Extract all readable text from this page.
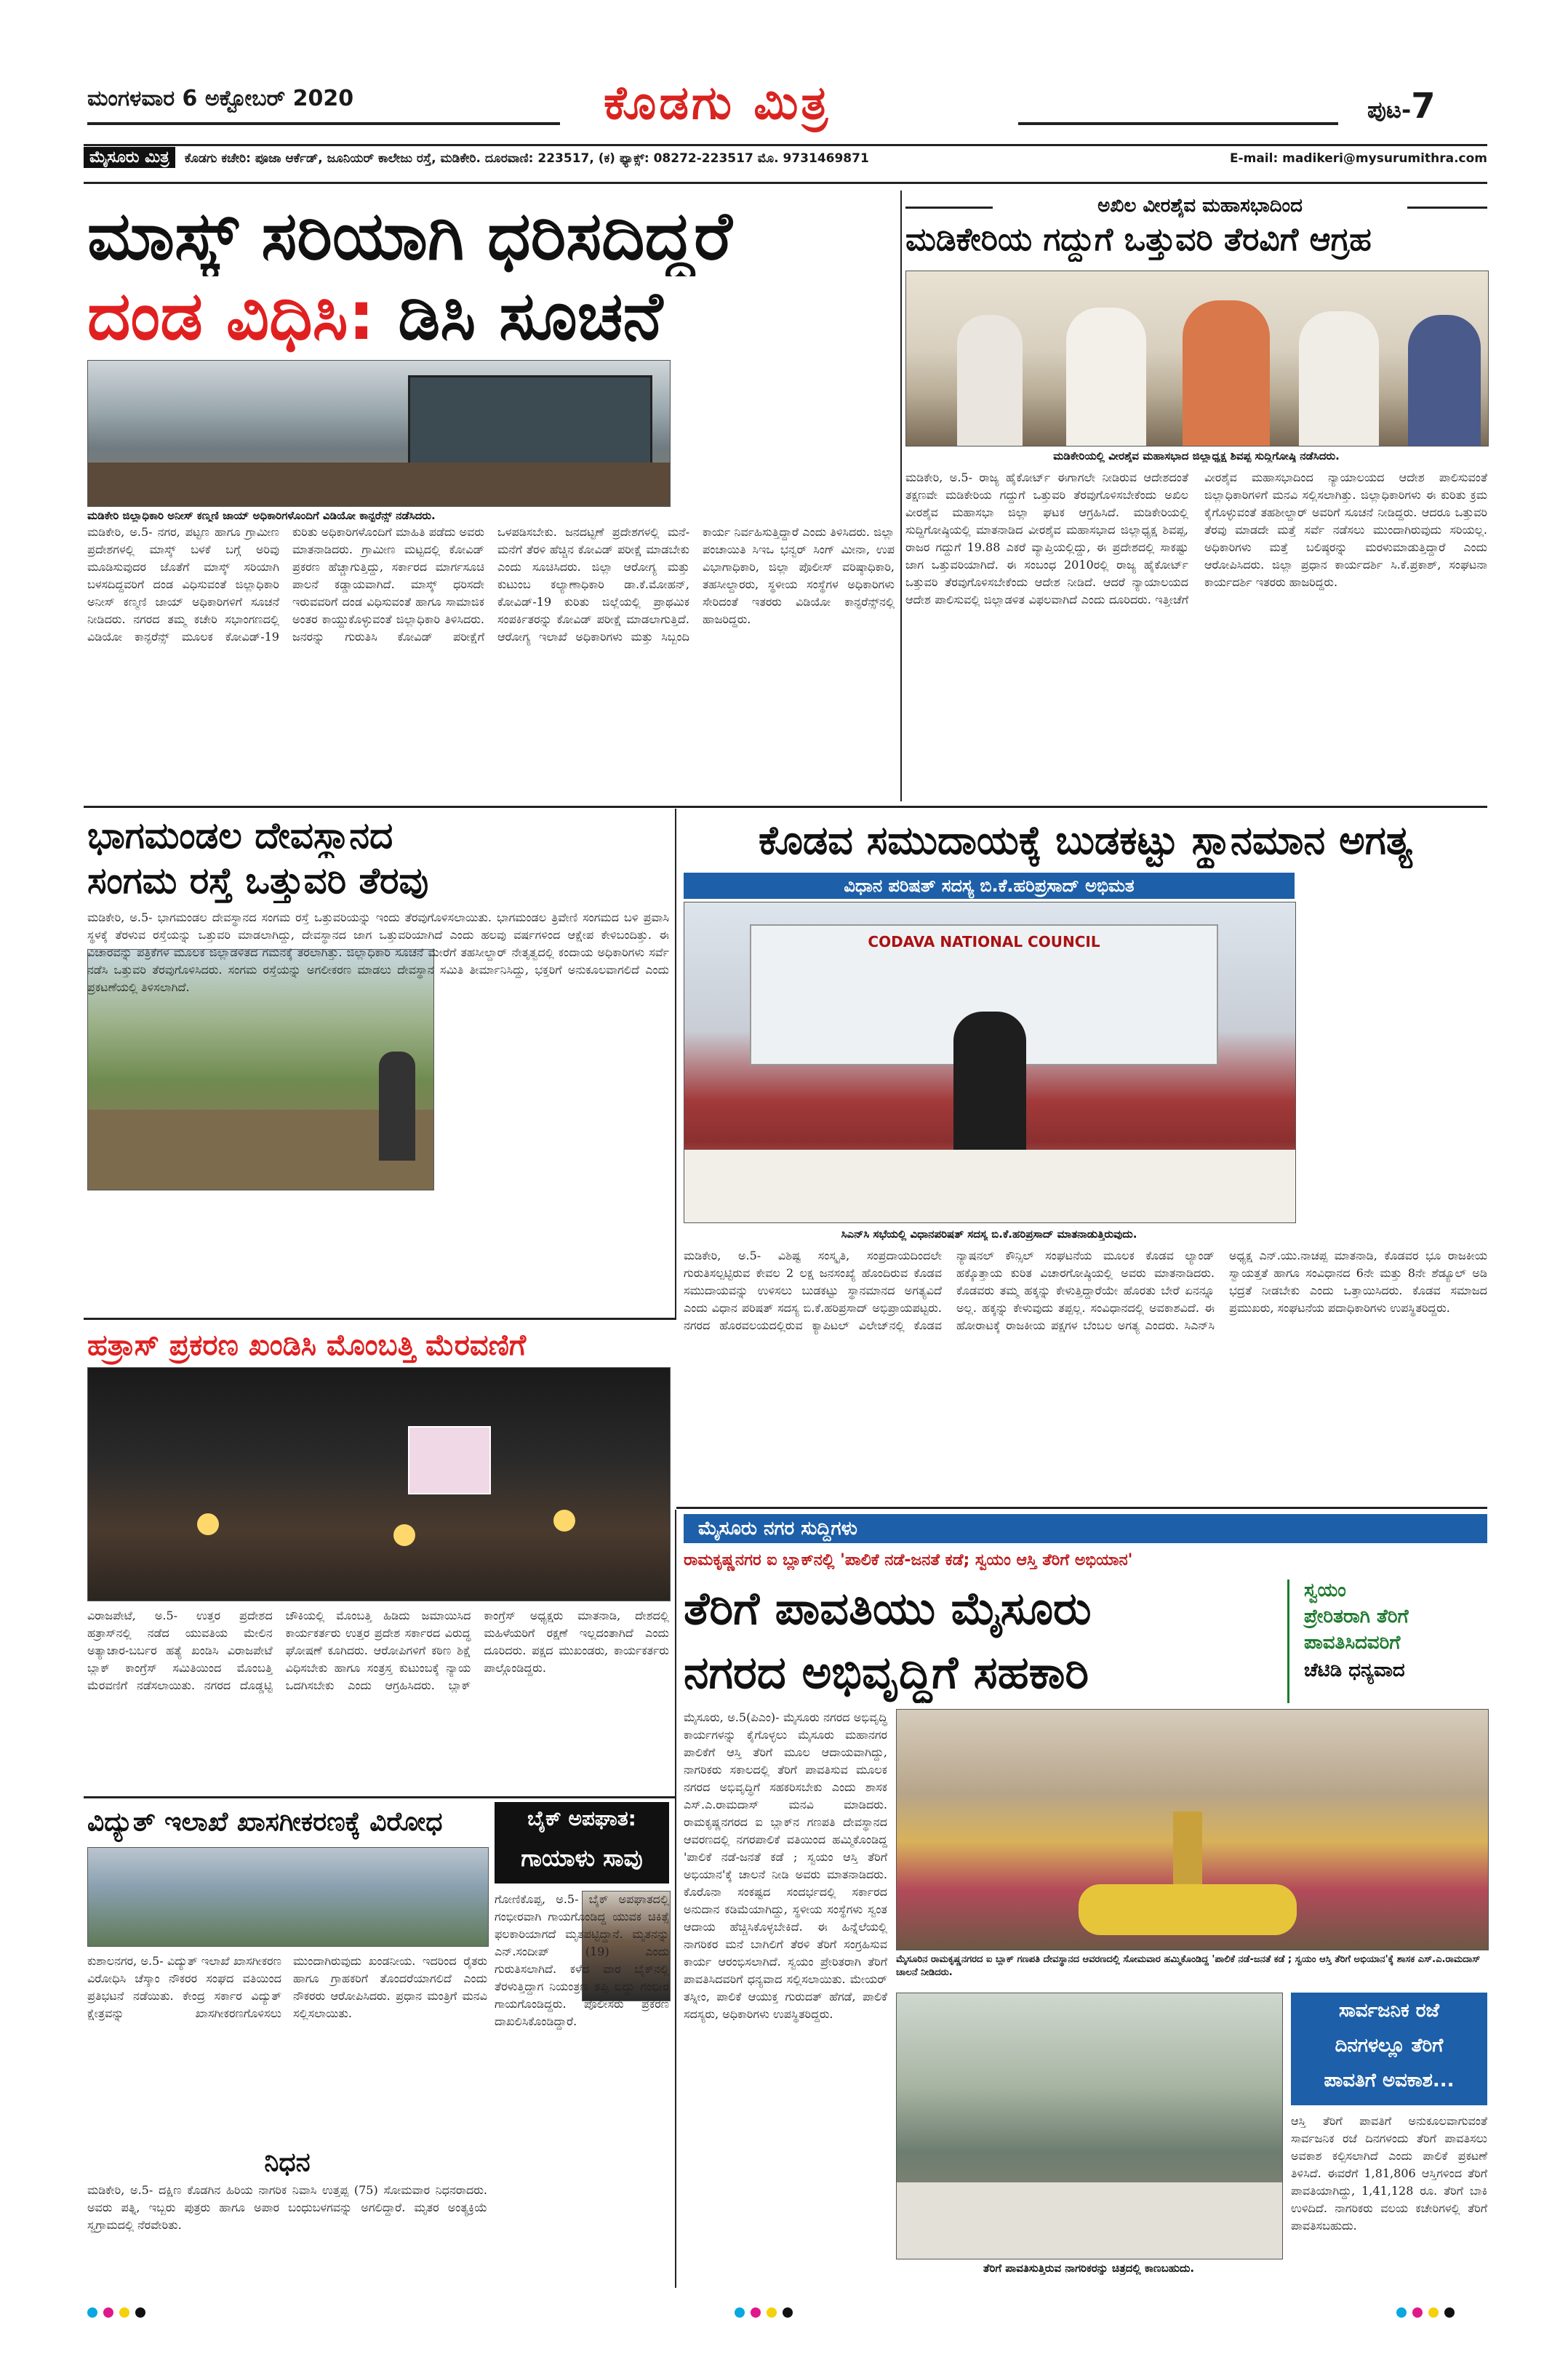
ಮಂಗಳವಾರ 6 ಅಕ್ಟೋಬರ್ 2020	ಕೊಡಗು ಮಿತ್ರ	ಪುಟ-7
ಮೈಸೂರು ಮಿತ್ರ ಕೊಡಗು ಕಚೇರಿ: ಪೂಜಾ ಆರ್ಕೆಡ್, ಜೂನಿಯರ್ ಕಾಲೇಜು ರಸ್ತೆ, ಮಡಿಕೇರಿ. ದೂರವಾಣಿ: 223517, (ಕ) ಫ್ಯಾಕ್ಸ್: 08272-223517 ಮೊ. 9731469871	E-mail: madikeri@mysurumithra.com
ಮಾಸ್ಕ್ ಸರಿಯಾಗಿ ಧರಿಸದಿದ್ದರೆ
ದಂಡ ವಿಧಿಸಿ: ಡಿಸಿ ಸೂಚನೆ
ಮಡಿಕೇರಿ ಜಿಲ್ಲಾಧಿಕಾರಿ ಅನೀಸ್ ಕಣ್ಮಣಿ ಜಾಯ್ ಅಧಿಕಾರಿಗಳೊಂದಿಗೆ ವಿಡಿಯೋ ಕಾನ್ಫರೆನ್ಸ್ ನಡೆಸಿದರು.
ಮಡಿಕೇರಿ, ಅ.5- ನಗರ, ಪಟ್ಟಣ ಹಾಗೂ ಗ್ರಾಮೀಣ ಪ್ರದೇಶಗಳಲ್ಲಿ ಮಾಸ್ಕ್ ಬಳಕೆ ಬಗ್ಗೆ ಅರಿವು ಮೂಡಿಸುವುದರ ಜೊತೆಗೆ ಮಾಸ್ಕ್ ಸರಿಯಾಗಿ ಬಳಸದಿದ್ದವರಿಗೆ ದಂಡ ವಿಧಿಸುವಂತೆ ಜಿಲ್ಲಾಧಿಕಾರಿ ಅನೀಸ್ ಕಣ್ಮಣಿ ಜಾಯ್ ಅಧಿಕಾರಿಗಳಿಗೆ ಸೂಚನೆ ನೀಡಿದರು. ನಗರದ ತಮ್ಮ ಕಚೇರಿ ಸಭಾಂಗಣದಲ್ಲಿ ವಿಡಿಯೋ ಕಾನ್ಫರೆನ್ಸ್ ಮೂಲಕ ಕೋವಿಡ್-19 ಕುರಿತು ಅಧಿಕಾರಿಗಳೊಂದಿಗೆ ಮಾಹಿತಿ ಪಡೆದು ಅವರು ಮಾತನಾಡಿದರು. ಗ್ರಾಮೀಣ ಮಟ್ಟದಲ್ಲಿ ಕೋವಿಡ್ ಪ್ರಕರಣ ಹೆಚ್ಚಾಗುತ್ತಿದ್ದು, ಸರ್ಕಾರದ ಮಾರ್ಗಸೂಚಿ ಪಾಲನೆ ಕಡ್ಡಾಯವಾಗಿದೆ. ಮಾಸ್ಕ್ ಧರಿಸದೇ ಇರುವವರಿಗೆ ದಂಡ ವಿಧಿಸುವಂತೆ ಹಾಗೂ ಸಾಮಾಜಿಕ ಅಂತರ ಕಾಯ್ದುಕೊಳ್ಳುವಂತೆ ಜಿಲ್ಲಾಧಿಕಾರಿ ತಿಳಿಸಿದರು. ಜನರನ್ನು ಗುರುತಿಸಿ ಕೋವಿಡ್ ಪರೀಕ್ಷೆಗೆ ಒಳಪಡಿಸಬೇಕು. ಜನದಟ್ಟಣೆ ಪ್ರದೇಶಗಳಲ್ಲಿ ಮನೆ-ಮನೆಗೆ ತೆರಳಿ ಹೆಚ್ಚಿನ ಕೋವಿಡ್ ಪರೀಕ್ಷೆ ಮಾಡಬೇಕು ಎಂದು ಸೂಚಿಸಿದರು. ಜಿಲ್ಲಾ ಆರೋಗ್ಯ ಮತ್ತು ಕುಟುಂಬ ಕಲ್ಯಾಣಾಧಿಕಾರಿ ಡಾ.ಕೆ.ಮೋಹನ್, ಕೋವಿಡ್-19 ಕುರಿತು ಜಿಲ್ಲೆಯಲ್ಲಿ ಪ್ರಾಥಮಿಕ ಸಂಪರ್ಕಿತರನ್ನು ಕೋವಿಡ್ ಪರೀಕ್ಷೆ ಮಾಡಲಾಗುತ್ತಿದೆ. ಆರೋಗ್ಯ ಇಲಾಖೆ ಅಧಿಕಾರಿಗಳು ಮತ್ತು ಸಿಬ್ಬಂದಿ ಕಾರ್ಯ ನಿರ್ವಹಿಸುತ್ತಿದ್ದಾರೆ ಎಂದು ತಿಳಿಸಿದರು. ಜಿಲ್ಲಾ ಪಂಚಾಯಿತಿ ಸಿಇಒ ಭನ್ವರ್ ಸಿಂಗ್ ಮೀನಾ, ಉಪ ವಿಭಾಗಾಧಿಕಾರಿ, ಜಿಲ್ಲಾ ಪೊಲೀಸ್ ವರಿಷ್ಠಾಧಿಕಾರಿ, ತಹಸೀಲ್ದಾರರು, ಸ್ಥಳೀಯ ಸಂಸ್ಥೆಗಳ ಅಧಿಕಾರಿಗಳು ಸೇರಿದಂತೆ ಇತರರು ವಿಡಿಯೋ ಕಾನ್ಫರೆನ್ಸ್‌ನಲ್ಲಿ ಹಾಜರಿದ್ದರು.
ಅಖಿಲ ವೀರಶೈವ ಮಹಾಸಭಾದಿಂದ
ಮಡಿಕೇರಿಯ ಗದ್ದುಗೆ ಒತ್ತುವರಿ ತೆರವಿಗೆ ಆಗ್ರಹ
ಮಡಿಕೇರಿಯಲ್ಲಿ ವೀರಶೈವ ಮಹಾಸಭಾದ ಜಿಲ್ಲಾಧ್ಯಕ್ಷ ಶಿವಪ್ಪ ಸುದ್ದಿಗೋಷ್ಠಿ ನಡೆಸಿದರು.
ಮಡಿಕೇರಿ, ಅ.5- ರಾಜ್ಯ ಹೈಕೋರ್ಟ್ ಈಗಾಗಲೇ ನೀಡಿರುವ ಆದೇಶದಂತೆ ತಕ್ಷಣವೇ ಮಡಿಕೇರಿಯ ಗದ್ದುಗೆ ಒತ್ತುವರಿ ತೆರವುಗೊಳಿಸಬೇಕೆಂದು ಅಖಿಲ ವೀರಶೈವ ಮಹಾಸಭಾ ಜಿಲ್ಲಾ ಘಟಕ ಆಗ್ರಹಿಸಿದೆ. ಮಡಿಕೇರಿಯಲ್ಲಿ ಸುದ್ದಿಗೋಷ್ಠಿಯಲ್ಲಿ ಮಾತನಾಡಿದ ವೀರಶೈವ ಮಹಾಸಭಾದ ಜಿಲ್ಲಾಧ್ಯಕ್ಷ ಶಿವಪ್ಪ, ರಾಜರ ಗದ್ದುಗೆ 19.88 ಎಕರೆ ವ್ಯಾಪ್ತಿಯಲ್ಲಿದ್ದು, ಈ ಪ್ರದೇಶದಲ್ಲಿ ಸಾಕಷ್ಟು ಜಾಗ ಒತ್ತುವರಿಯಾಗಿದೆ. ಈ ಸಂಬಂಧ 2010ರಲ್ಲಿ ರಾಜ್ಯ ಹೈಕೋರ್ಟ್ ಒತ್ತುವರಿ ತೆರವುಗೊಳಿಸಬೇಕೆಂದು ಆದೇಶ ನೀಡಿದೆ. ಆದರೆ ನ್ಯಾಯಾಲಯದ ಆದೇಶ ಪಾಲಿಸುವಲ್ಲಿ ಜಿಲ್ಲಾಡಳಿತ ವಿಫಲವಾಗಿದೆ ಎಂದು ದೂರಿದರು. ಇತ್ತೀಚೆಗೆ ವೀರಶೈವ ಮಹಾಸಭಾದಿಂದ ನ್ಯಾಯಾಲಯದ ಆದೇಶ ಪಾಲಿಸುವಂತೆ ಜಿಲ್ಲಾಧಿಕಾರಿಗಳಿಗೆ ಮನವಿ ಸಲ್ಲಿಸಲಾಗಿತ್ತು. ಜಿಲ್ಲಾಧಿಕಾರಿಗಳು ಈ ಕುರಿತು ಕ್ರಮ ಕೈಗೊಳ್ಳುವಂತೆ ತಹಶೀಲ್ದಾರ್ ಅವರಿಗೆ ಸೂಚನೆ ನೀಡಿದ್ದರು. ಆದರೂ ಒತ್ತುವರಿ ತೆರವು ಮಾಡದೇ ಮತ್ತೆ ಸರ್ವೆ ನಡೆಸಲು ಮುಂದಾಗಿರುವುದು ಸರಿಯಲ್ಲ. ಅಧಿಕಾರಿಗಳು ಮತ್ತೆ ಬಲಿಷ್ಠರನ್ನು ಮರಳುಮಾಡುತ್ತಿದ್ದಾರೆ ಎಂದು ಆರೋಪಿಸಿದರು. ಜಿಲ್ಲಾ ಪ್ರಧಾನ ಕಾರ್ಯದರ್ಶಿ ಸಿ.ಕೆ.ಪ್ರಕಾಶ್, ಸಂಘಟನಾ ಕಾರ್ಯದರ್ಶಿ ಇತರರು ಹಾಜರಿದ್ದರು.
ಭಾಗಮಂಡಲ ದೇವಸ್ಥಾನದ
ಸಂಗಮ ರಸ್ತೆ ಒತ್ತುವರಿ ತೆರವು
ಮಡಿಕೇರಿ, ಅ.5- ಭಾಗಮಂಡಲ ದೇವಸ್ಥಾನದ ಸಂಗಮ ರಸ್ತೆ ಒತ್ತುವರಿಯನ್ನು ಇಂದು ತೆರವುಗೊಳಿಸಲಾಯಿತು. ಭಾಗಮಂಡಲ ತ್ರಿವೇಣಿ ಸಂಗಮದ ಬಳಿ ಪ್ರವಾಸಿ ಸ್ಥಳಕ್ಕೆ ತೆರಳುವ ರಸ್ತೆಯನ್ನು ಒತ್ತುವರಿ ಮಾಡಲಾಗಿದ್ದು, ದೇವಸ್ಥಾನದ ಜಾಗ ಒತ್ತುವರಿಯಾಗಿದೆ ಎಂದು ಹಲವು ವರ್ಷಗಳಿಂದ ಆಕ್ಷೇಪ ಕೇಳಿಬಂದಿತ್ತು. ಈ ವಿಚಾರವನ್ನು ಪತ್ರಿಕೆಗಳ ಮೂಲಕ ಜಿಲ್ಲಾಡಳಿತದ ಗಮನಕ್ಕೆ ತರಲಾಗಿತ್ತು. ಜಿಲ್ಲಾಧಿಕಾರಿ ಸೂಚನೆ ಮೇರೆಗೆ ತಹಸೀಲ್ದಾರ್ ನೇತೃತ್ವದಲ್ಲಿ ಕಂದಾಯ ಅಧಿಕಾರಿಗಳು ಸರ್ವೆ ನಡೆಸಿ ಒತ್ತುವರಿ ತೆರವುಗೊಳಿಸಿದರು. ಸಂಗಮ ರಸ್ತೆಯನ್ನು ಅಗಲೀಕರಣ ಮಾಡಲು ದೇವಸ್ಥಾನ ಸಮಿತಿ ತೀರ್ಮಾನಿಸಿದ್ದು, ಭಕ್ತರಿಗೆ ಅನುಕೂಲವಾಗಲಿದೆ ಎಂದು ಪ್ರಕಟಣೆಯಲ್ಲಿ ತಿಳಿಸಲಾಗಿದೆ.
ಕೊಡವ ಸಮುದಾಯಕ್ಕೆ ಬುಡಕಟ್ಟು ಸ್ಥಾನಮಾನ ಅಗತ್ಯ
ವಿಧಾನ ಪರಿಷತ್ ಸದಸ್ಯ ಬಿ.ಕೆ.ಹರಿಪ್ರಸಾದ್ ಅಭಿಮತ
CODAVA NATIONAL COUNCIL
ಸಿಎನ್‌ಸಿ ಸಭೆಯಲ್ಲಿ ವಿಧಾನಪರಿಷತ್ ಸದಸ್ಯ ಬಿ.ಕೆ.ಹರಿಪ್ರಸಾದ್ ಮಾತನಾಡುತ್ತಿರುವುದು.
ಮಡಿಕೇರಿ, ಅ.5- ವಿಶಿಷ್ಟ ಸಂಸ್ಕೃತಿ, ಸಂಪ್ರದಾಯದಿಂದಲೇ ಗುರುತಿಸಲ್ಪಟ್ಟಿರುವ ಕೇವಲ 2 ಲಕ್ಷ ಜನಸಂಖ್ಯೆ ಹೊಂದಿರುವ ಕೊಡವ ಸಮುದಾಯವನ್ನು ಉಳಿಸಲು ಬುಡಕಟ್ಟು ಸ್ಥಾನಮಾನದ ಅಗತ್ಯವಿದೆ ಎಂದು ವಿಧಾನ ಪರಿಷತ್ ಸದಸ್ಯ ಬಿ.ಕೆ.ಹರಿಪ್ರಸಾದ್ ಅಭಿಪ್ರಾಯಪಟ್ಟರು. ನಗರದ ಹೊರವಲಯದಲ್ಲಿರುವ ಕ್ಯಾಪಿಟಲ್ ವಿಲೇಜ್‌ನಲ್ಲಿ ಕೊಡವ ನ್ಯಾಷನಲ್ ಕೌನ್ಸಿಲ್ ಸಂಘಟನೆಯ ಮೂಲಕ ಕೊಡವ ಲ್ಯಾಂಡ್ ಹಕ್ಕೊತ್ತಾಯ ಕುರಿತ ವಿಚಾರಗೋಷ್ಠಿಯಲ್ಲಿ ಅವರು ಮಾತನಾಡಿದರು. ಕೊಡವರು ತಮ್ಮ ಹಕ್ಕನ್ನು ಕೇಳುತ್ತಿದ್ದಾರೆಯೇ ಹೊರತು ಬೇರೆ ಏನನ್ನೂ ಅಲ್ಲ. ಹಕ್ಕನ್ನು ಕೇಳುವುದು ತಪ್ಪಲ್ಲ. ಸಂವಿಧಾನದಲ್ಲಿ ಅವಕಾಶವಿದೆ. ಈ ಹೋರಾಟಕ್ಕೆ ರಾಜಕೀಯ ಪಕ್ಷಗಳ ಬೆಂಬಲ ಅಗತ್ಯ ಎಂದರು. ಸಿಎನ್‌ಸಿ ಅಧ್ಯಕ್ಷ ಎನ್.ಯು.ನಾಚಪ್ಪ ಮಾತನಾಡಿ, ಕೊಡವರ ಭೂ ರಾಜಕೀಯ ಸ್ವಾಯತ್ತತೆ ಹಾಗೂ ಸಂವಿಧಾನದ 6ನೇ ಮತ್ತು 8ನೇ ಶೆಡ್ಯೂಲ್ ಅಡಿ ಭದ್ರತೆ ನೀಡಬೇಕು ಎಂದು ಒತ್ತಾಯಿಸಿದರು. ಕೊಡವ ಸಮಾಜದ ಪ್ರಮುಖರು, ಸಂಘಟನೆಯ ಪದಾಧಿಕಾರಿಗಳು ಉಪಸ್ಥಿತರಿದ್ದರು.
ಹತ್ರಾಸ್ ಪ್ರಕರಣ ಖಂಡಿಸಿ ಮೊಂಬತ್ತಿ ಮೆರವಣಿಗೆ
ವಿರಾಜಪೇಟೆ, ಅ.5- ಉತ್ತರ ಪ್ರದೇಶದ ಹತ್ರಾಸ್‌ನಲ್ಲಿ ನಡೆದ ಯುವತಿಯ ಮೇಲಿನ ಅತ್ಯಾಚಾರ-ಬರ್ಬರ ಹತ್ಯೆ ಖಂಡಿಸಿ ವಿರಾಜಪೇಟೆ ಬ್ಲಾಕ್ ಕಾಂಗ್ರೆಸ್ ಸಮಿತಿಯಿಂದ ಮೊಂಬತ್ತಿ ಮೆರವಣಿಗೆ ನಡೆಸಲಾಯಿತು. ನಗರದ ದೊಡ್ಡಟ್ಟಿ ಚೌಕಿಯಲ್ಲಿ ಮೊಂಬತ್ತಿ ಹಿಡಿದು ಜಮಾಯಿಸಿದ ಕಾರ್ಯಕರ್ತರು ಉತ್ತರ ಪ್ರದೇಶ ಸರ್ಕಾರದ ವಿರುದ್ಧ ಘೋಷಣೆ ಕೂಗಿದರು. ಆರೋಪಿಗಳಿಗೆ ಕಠಿಣ ಶಿಕ್ಷೆ ವಿಧಿಸಬೇಕು ಹಾಗೂ ಸಂತ್ರಸ್ತ ಕುಟುಂಬಕ್ಕೆ ನ್ಯಾಯ ಒದಗಿಸಬೇಕು ಎಂದು ಆಗ್ರಹಿಸಿದರು. ಬ್ಲಾಕ್ ಕಾಂಗ್ರೆಸ್ ಅಧ್ಯಕ್ಷರು ಮಾತನಾಡಿ, ದೇಶದಲ್ಲಿ ಮಹಿಳೆಯರಿಗೆ ರಕ್ಷಣೆ ಇಲ್ಲದಂತಾಗಿದೆ ಎಂದು ದೂರಿದರು. ಪಕ್ಷದ ಮುಖಂಡರು, ಕಾರ್ಯಕರ್ತರು ಪಾಲ್ಗೊಂಡಿದ್ದರು.
ವಿದ್ಯುತ್ ಇಲಾಖೆ ಖಾಸಗೀಕರಣಕ್ಕೆ ವಿರೋಧ
ಕುಶಾಲನಗರ, ಅ.5- ವಿದ್ಯುತ್ ಇಲಾಖೆ ಖಾಸಗೀಕರಣ ವಿರೋಧಿಸಿ ಚೆಸ್ಕಾಂ ನೌಕರರ ಸಂಘದ ವತಿಯಿಂದ ಪ್ರತಿಭಟನೆ ನಡೆಯಿತು. ಕೇಂದ್ರ ಸರ್ಕಾರ ವಿದ್ಯುತ್ ಕ್ಷೇತ್ರವನ್ನು ಖಾಸಗೀಕರಣಗೊಳಿಸಲು ಮುಂದಾಗಿರುವುದು ಖಂಡನೀಯ. ಇದರಿಂದ ರೈತರು ಹಾಗೂ ಗ್ರಾಹಕರಿಗೆ ತೊಂದರೆಯಾಗಲಿದೆ ಎಂದು ನೌಕರರು ಆರೋಪಿಸಿದರು. ಪ್ರಧಾನ ಮಂತ್ರಿಗೆ ಮನವಿ ಸಲ್ಲಿಸಲಾಯಿತು.
ಬೈಕ್ ಅಪಘಾತ:
ಗಾಯಾಳು ಸಾವು
ಗೋಣಿಕೊಪ್ಪ, ಅ.5- ಬೈಕ್ ಅಪಘಾತದಲ್ಲಿ ಗಂಭೀರವಾಗಿ ಗಾಯಗೊಂಡಿದ್ದ ಯುವಕ ಚಿಕಿತ್ಸೆ ಫಲಕಾರಿಯಾಗದೆ ಮೃತಪಟ್ಟಿದ್ದಾನೆ. ಮೃತನನ್ನು ಎನ್.ಸಂದೀಪ್ (19) ಎಂದು ಗುರುತಿಸಲಾಗಿದೆ. ಕಳೆದ ವಾರ ಬೈಕ್‌ನಲ್ಲಿ ತೆರಳುತ್ತಿದ್ದಾಗ ನಿಯಂತ್ರಣ ತಪ್ಪಿ ಬಿದ್ದು ಗಂಭೀರ ಗಾಯಗೊಂಡಿದ್ದರು. ಪೊಲೀಸರು ಪ್ರಕರಣ ದಾಖಲಿಸಿಕೊಂಡಿದ್ದಾರೆ.
ನಿಧನ
ಮಡಿಕೇರಿ, ಅ.5- ದಕ್ಷಿಣ ಕೊಡಗಿನ ಹಿರಿಯ ನಾಗರಿಕ ನಿವಾಸಿ ಉತ್ತಪ್ಪ (75) ಸೋಮವಾರ ನಿಧನರಾದರು. ಅವರು ಪತ್ನಿ, ಇಬ್ಬರು ಪುತ್ರರು ಹಾಗೂ ಅಪಾರ ಬಂಧುಬಳಗವನ್ನು ಅಗಲಿದ್ದಾರೆ. ಮೃತರ ಅಂತ್ಯಕ್ರಿಯೆ ಸ್ವಗ್ರಾಮದಲ್ಲಿ ನೆರವೇರಿತು.
ಮೈಸೂರು ನಗರ ಸುದ್ದಿಗಳು
ರಾಮಕೃಷ್ಣನಗರ ಐ ಬ್ಲಾಕ್‌ನಲ್ಲಿ 'ಪಾಲಿಕೆ ನಡೆ-ಜನತೆ ಕಡೆ; ಸ್ವಯಂ ಆಸ್ತಿ ತೆರಿಗೆ ಅಭಿಯಾನ'
ತೆರಿಗೆ ಪಾವತಿಯು ಮೈಸೂರು
ನಗರದ ಅಭಿವೃದ್ಧಿಗೆ ಸಹಕಾರಿ
ಸ್ವಯಂ
ಪ್ರೇರಿತರಾಗಿ ತೆರಿಗೆ
ಪಾವತಿಸಿದವರಿಗೆ
ಚೆಟಿಡಿ ಧನ್ಯವಾದ
ಮೈಸೂರಿನ ರಾಮಕೃಷ್ಣನಗರದ ಐ ಬ್ಲಾಕ್ ಗಣಪತಿ ದೇವಸ್ಥಾನದ ಆವರಣದಲ್ಲಿ ಸೋಮವಾರ ಹಮ್ಮಿಕೊಂಡಿದ್ದ 'ಪಾಲಿಕೆ ನಡೆ-ಜನತೆ ಕಡೆ ; ಸ್ವಯಂ ಆಸ್ತಿ ತೆರಿಗೆ ಅಭಿಯಾನ'ಕ್ಕೆ ಶಾಸಕ ಎಸ್.ಎ.ರಾಮದಾಸ್ ಚಾಲನೆ ನೀಡಿದರು.
ತೆರಿಗೆ ಪಾವತಿಸುತ್ತಿರುವ ನಾಗರಿಕರನ್ನು ಚಿತ್ರದಲ್ಲಿ ಕಾಣಬಹುದು.
ಮೈಸೂರು, ಅ.5(ಪಿಎಂ)- ಮೈಸೂರು ನಗರದ ಅಭಿವೃದ್ಧಿ ಕಾರ್ಯಗಳನ್ನು ಕೈಗೊಳ್ಳಲು ಮೈಸೂರು ಮಹಾನಗರ ಪಾಲಿಕೆಗೆ ಆಸ್ತಿ ತೆರಿಗೆ ಮೂಲ ಆದಾಯವಾಗಿದ್ದು, ನಾಗರಿಕರು ಸಕಾಲದಲ್ಲಿ ತೆರಿಗೆ ಪಾವತಿಸುವ ಮೂಲಕ ನಗರದ ಅಭಿವೃದ್ಧಿಗೆ ಸಹಕರಿಸಬೇಕು ಎಂದು ಶಾಸಕ ಎಸ್.ಎ.ರಾಮದಾಸ್ ಮನವಿ ಮಾಡಿದರು. ರಾಮಕೃಷ್ಣನಗರದ ಐ ಬ್ಲಾಕ್‌ನ ಗಣಪತಿ ದೇವಸ್ಥಾನದ ಆವರಣದಲ್ಲಿ ನಗರಪಾಲಿಕೆ ವತಿಯಿಂದ ಹಮ್ಮಿಕೊಂಡಿದ್ದ 'ಪಾಲಿಕೆ ನಡೆ-ಜನತೆ ಕಡೆ ; ಸ್ವಯಂ ಆಸ್ತಿ ತೆರಿಗೆ ಅಭಿಯಾನ'ಕ್ಕೆ ಚಾಲನೆ ನೀಡಿ ಅವರು ಮಾತನಾಡಿದರು. ಕೊರೊನಾ ಸಂಕಷ್ಟದ ಸಂದರ್ಭದಲ್ಲಿ ಸರ್ಕಾರದ ಅನುದಾನ ಕಡಿಮೆಯಾಗಿದ್ದು, ಸ್ಥಳೀಯ ಸಂಸ್ಥೆಗಳು ಸ್ವಂತ ಆದಾಯ ಹೆಚ್ಚಿಸಿಕೊಳ್ಳಬೇಕಿದೆ. ಈ ಹಿನ್ನೆಲೆಯಲ್ಲಿ ನಾಗರಿಕರ ಮನೆ ಬಾಗಿಲಿಗೆ ತೆರಳಿ ತೆರಿಗೆ ಸಂಗ್ರಹಿಸುವ ಕಾರ್ಯ ಆರಂಭಿಸಲಾಗಿದೆ. ಸ್ವಯಂ ಪ್ರೇರಿತರಾಗಿ ತೆರಿಗೆ ಪಾವತಿಸಿದವರಿಗೆ ಧನ್ಯವಾದ ಸಲ್ಲಿಸಲಾಯಿತು. ಮೇಯರ್ ತಸ್ನೀಂ, ಪಾಲಿಕೆ ಆಯುಕ್ತ ಗುರುದತ್ ಹೆಗಡೆ, ಪಾಲಿಕೆ ಸದಸ್ಯರು, ಅಧಿಕಾರಿಗಳು ಉಪಸ್ಥಿತರಿದ್ದರು.	ಸಾರ್ವಜನಿಕ ರಜೆ
ದಿನಗಳಲ್ಲೂ ತೆರಿಗೆ
ಪಾವತಿಗೆ ಅವಕಾಶ...
ಆಸ್ತಿ ತೆರಿಗೆ ಪಾವತಿಗೆ ಅನುಕೂಲವಾಗುವಂತೆ ಸಾರ್ವಜನಿಕ ರಜೆ ದಿನಗಳಂದು ತೆರಿಗೆ ಪಾವತಿಸಲು ಅವಕಾಶ ಕಲ್ಪಿಸಲಾಗಿದೆ ಎಂದು ಪಾಲಿಕೆ ಪ್ರಕಟಣೆ ತಿಳಿಸಿದೆ. ಈವರೆಗೆ 1,81,806 ಆಸ್ತಿಗಳಿಂದ ತೆರಿಗೆ ಪಾವತಿಯಾಗಿದ್ದು, 1,41,128 ರೂ. ತೆರಿಗೆ ಬಾಕಿ ಉಳಿದಿದೆ. ನಾಗರಿಕರು ವಲಯ ಕಚೇರಿಗಳಲ್ಲಿ ತೆರಿಗೆ ಪಾವತಿಸಬಹುದು.
